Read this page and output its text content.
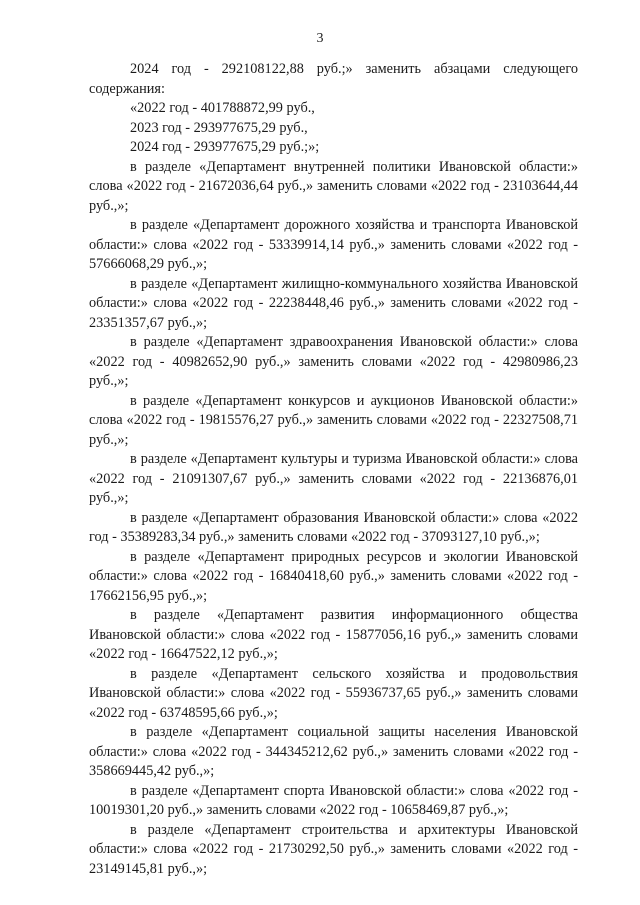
3

2024 год - 292108122,88 руб.;» заменить абзацами следующего содержания:

«2022 год - 401788872,99 руб.,

2023 год - 293977675,29 руб.,

2024 год - 293977675,29 руб.;»;

в разделе «Департамент внутренней политики Ивановской области:» слова «2022 год - 21672036,64 руб.,» заменить словами «2022 год - 23103644,44 руб.,»;

в разделе «Департамент дорожного хозяйства и транспорта Ивановской области:» слова «2022 год - 53339914,14 руб.,» заменить словами «2022 год - 57666068,29 руб.,»;

в разделе «Департамент жилищно-коммунального хозяйства Ивановской области:» слова «2022 год - 22238448,46 руб.,» заменить словами «2022 год - 23351357,67 руб.,»;

в разделе «Департамент здравоохранения Ивановской области:» слова «2022 год - 40982652,90 руб.,» заменить словами «2022 год - 42980986,23 руб.,»;

в разделе «Департамент конкурсов и аукционов Ивановской области:» слова «2022 год - 19815576,27 руб.,» заменить словами «2022 год - 22327508,71 руб.,»;

в разделе «Департамент культуры и туризма Ивановской области:» слова «2022 год - 21091307,67 руб.,» заменить словами «2022 год - 22136876,01 руб.,»;

в разделе «Департамент образования Ивановской области:» слова «2022 год - 35389283,34 руб.,» заменить словами «2022 год - 37093127,10 руб.,»;

в разделе «Департамент природных ресурсов и экологии Ивановской области:» слова «2022 год - 16840418,60 руб.,» заменить словами «2022 год - 17662156,95 руб.,»;

в разделе «Департамент развития информационного общества Ивановской области:» слова «2022 год - 15877056,16 руб.,» заменить словами «2022 год - 16647522,12 руб.,»;

в разделе «Департамент сельского хозяйства и продовольствия Ивановской области:» слова «2022 год - 55936737,65 руб.,» заменить словами «2022 год - 63748595,66 руб.,»;

в разделе «Департамент социальной защиты населения Ивановской области:» слова «2022 год - 344345212,62 руб.,» заменить словами «2022 год - 358669445,42 руб.,»;

в разделе «Департамент спорта Ивановской области:» слова «2022 год - 10019301,20 руб.,» заменить словами «2022 год - 10658469,87 руб.,»;

в разделе «Департамент строительства и архитектуры Ивановской области:» слова «2022 год - 21730292,50 руб.,» заменить словами «2022 год - 23149145,81 руб.,»;
